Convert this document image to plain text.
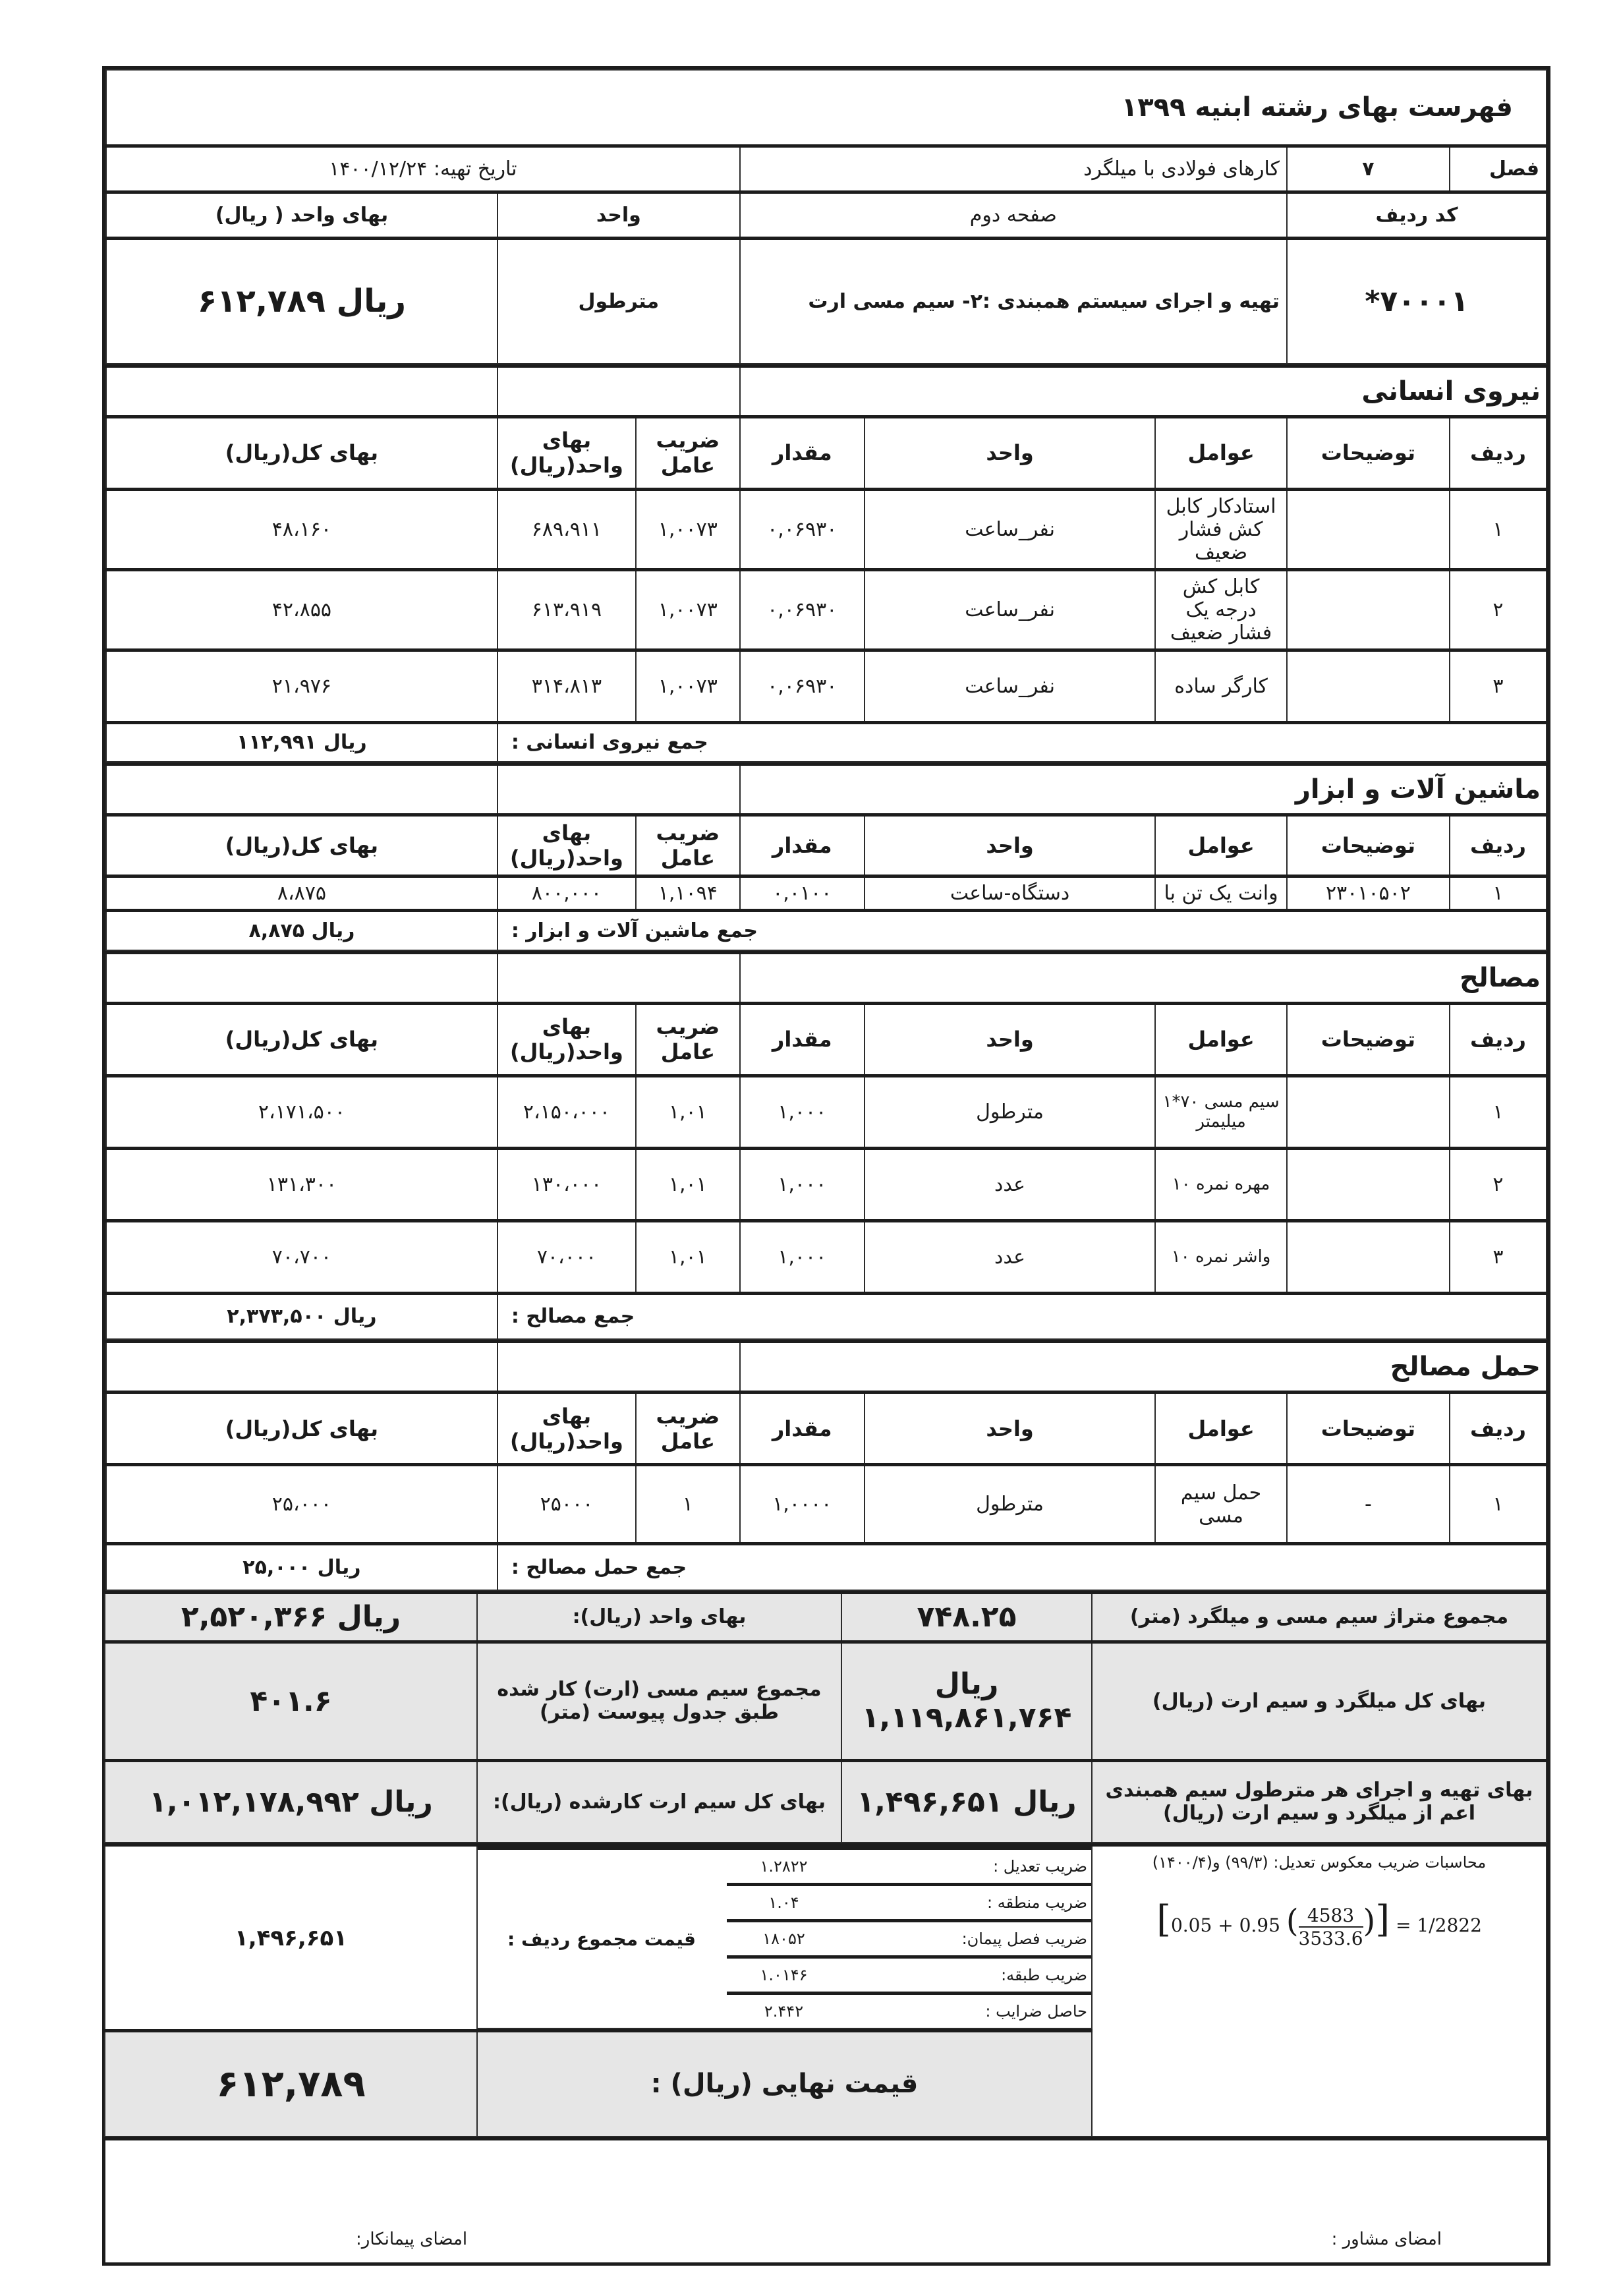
فهرست بهای رشته ابنیه ۱۳۹۹				
فصل	۷	کارهای فولادی با میلگرد	تاریخ تهیه: ۱۴۰۰/۱۲/۲۴	
کد ردیف		صفحه دوم	واحد	بهای واحد ( ریال)
۷۰۰۰۱*		تهیه و اجرای سیستم همبندی :۲- سیم مسی ارت	مترطول	ریال ۶۱۲,۷۸۹
نیروی انسانی							
ردیف	توضیحات	عوامل	واحد	مقدار	ضریب عامل	بهای واحد(ریال)	بهای کل(ریال)
۱		استادکار کابل کش فشار ضعیف	نفر_ساعت	۰,۰۶۹۳۰	۱,۰۰۷۳	۶۸۹،۹۱۱	۴۸،۱۶۰
۲		کابل کش درجه یک فشار ضعیف	نفر_ساعت	۰,۰۶۹۳۰	۱,۰۰۷۳	۶۱۳،۹۱۹	۴۲،۸۵۵
۳		کارگر ساده	نفر_ساعت	۰,۰۶۹۳۰	۱,۰۰۷۳	۳۱۴،۸۱۳	۲۱،۹۷۶
جمع نیروی انسانی :							ریال ۱۱۲,۹۹۱
ماشین آلات و ابزار							
ردیف	توضیحات	عوامل	واحد	مقدار	ضریب عامل	بهای واحد(ریال)	بهای کل(ریال)
۱	۲۳۰۱۰۵۰۲	وانت یک تن با	دستگاه-ساعت	۰,۰۱۰۰	۱,۱۰۹۴	۸۰۰,۰۰۰	۸،۸۷۵
جمع ماشین آلات و ابزار :							ریال ۸,۸۷۵
مصالح							
ردیف	توضیحات	عوامل	واحد	مقدار	ضریب عامل	بهای واحد(ریال)	بهای کل(ریال)
۱		سیم مسی ۷۰*۱ میلیمتر	مترطول	۱,۰۰۰	۱,۰۱	۲،۱۵۰،۰۰۰	۲،۱۷۱،۵۰۰
۲		مهره نمره ۱۰	عدد	۱,۰۰۰	۱,۰۱	۱۳۰،۰۰۰	۱۳۱،۳۰۰
۳		واشر نمره ۱۰	عدد	۱,۰۰۰	۱,۰۱	۷۰،۰۰۰	۷۰،۷۰۰
جمع مصالح :							ریال ۲,۳۷۳,۵۰۰
حمل مصالح							
ردیف	توضیحات	عوامل	واحد	مقدار	ضریب عامل	بهای واحد(ریال)	بهای کل(ریال)
۱	-	حمل سیم مسی	مترطول	۱,۰۰۰۰	۱	۲۵۰۰۰	۲۵،۰۰۰
جمع حمل مصالح :							ریال ۲۵,۰۰۰
مجموع متراژ سیم مسی و میلگرد (متر)	۷۴۸.۲۵	بهای واحد (ریال):	ریال ۲,۵۲۰,۳۶۶
بهای کل میلگرد و سیم ارت (ریال)	ریال ۱,۱۱۹,۸۶۱,۷۶۴	مجموع سیم مسی (ارت) کار شده طبق جدول پیوست (متر)	۴۰۱.۶
بهای تهیه و اجرای هر مترطول سیم همبندی اعم از میلگرد و سیم ارت (ریال)	ریال ۱,۴۹۶,۶۵۱	بهای کل سیم ارت کارشده (ریال):	ریال ۱,۰۱۲,۱۷۸,۹۹۲
محاسبات ضریب معکوس تعدیل: (۹۹/۳) و(۱۴۰۰/۴)
[0.05 + 0.95 ( $\frac{4583}{3533.6}$ )] = 1/2822

ضریب تعدیل :	۱.۲۸۲۲	قیمت مجموع ردیف :
ضریب منطقه :	۱.۰۴
ضریب فصل پیمان:	۱۸۰۵۲
ضریب طبقه:	۱.۰۱۴۶
حاصل ضرایب :	۲.۴۴۲
	۱,۴۹۶,۶۵۱
قیمت نهایی (ریال) :	۶۱۲,۷۸۹
امضای مشاور :	امضای پیمانکار:
